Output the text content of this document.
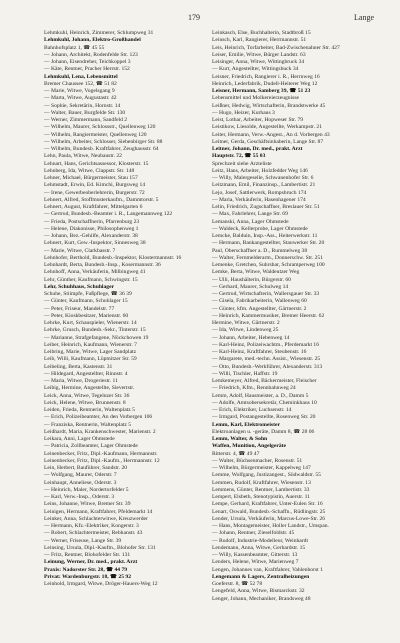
179	Lange
Lehmkuhl, Heinrich, Zimmerer, Schlumpweg 31
Lehmkuhl, Johann, Elektro-Großhandel
Bahnhofsplatz 1, ☎ 45 55
— Johann, Architekt, Rodenfelde Str. 123
— Johann, Eisendreher, Teichkoppel 3
— Käte, Rentner, Pracher Herrstr. 152
Lehmkuhl, Lena, Lebensmittel
Bremer Chaussee 152, ☎ 51 82
— Marie, Witwe, Vogelsgang 9
— Marta, Witwe, Augustastr. 42
— Sophie, Sekretärin, Hornstr. 14
— Walter, Bauer, Burgfelde Str. 130
— Werner, Zimmermann, Sandfeld 2
— Wilhelm, Maurer, Schlossstr., Quellenweg 120
— Wilhelm, Rangiermeister, Quellenweg 120
— Wilhelm, Arbeiter, Schlosser, Siebenbirger Str. 88
— Wilhelm, Bundesb. Kraftfahrer, Zeughausstr. 64
Lehn, Paula, Witwe, Neubaustr. 22
Lehnart, Hans, Gerichtsassessor, Klosterstr. 15
Lehnberg, Ida, Witwe, Clappstr. Str. 148
Lehner, Michael, Bürgermeister, Stau 157
Lehmstadt, Erwin, Ed. Kimchi, Burgsweg 14
— Irene, Gewerbeoberlehrerin, Burgerstr. 72
Lehnert, Alfred, Stoffmusterkaufm., Dammtorstr. 5
Lehnert, August, Kraftfahrer, Mittelgarten 6
— Gertrud, Bundesb.-Beamter i. R., Langemannweg 122
— Frieda, Postschaffnerin, Pfarrenburg 23
— Helene, Diakonisse, Philosophenweg 1
— Johann, Bez.-Gehilfe, Alexanderstr. 38
Lehnert, Kurt, Gew.-Inspektor, Sinnesweg 38
— Marie, Witwe, Clarkbasstr. 7
Lehnhofer, Berthold, Bundesb.-Inspektor, Klostermannstr. 16
Lehnhardt, Berta, Bundesb.-Insp., Kosermannstr. 36
Lehnhoff, Anna, Verkäuferin, Milbingweg 41
Lehr, Günther, Kaufmann, Schwingstr. 15
Lehr, Schuhhaus, Schuhlager
Schuhe, Stiimpfe, Fußpflege, ☎ 36 39
— Günter, Kaufmann, Schuhlager 15
— Peter, Friseur, Mandelstr. 77
— Peter, Kioskbesitzer, Marienstr. 60
Lehrke, Kurt, Schauspieler, Wienerstr. 14
Lehrke, Grusch, Bundesb.-Sekr., Tinterstr. 15
— Marianne, Strafgefangene, Nöckchowen 19
Leiber, Heinrich, Kaufmann, Wienerstr. 7
Leibring, Marie, Witwe, Lager Sandplatz
Leib, Willi, Kaufmann, Lüpmitzer Str. 59
Leibeling, Berta, Kastenstr. 31
— Hildegard, Angestellter, Rinnstr. 4
— Maria, Witwe, Drogeriestr. 11
Leibig, Hermine, Angestellte, Sievertstr.
Leick, Anna, Witwe, Tegelnzer Str. 36
Leick, Helene, Witwe, Brunnenstr. 8
Leiden, Frieda, Rentnerin, Waltenplatz 5
— Erich, Polizeibeamter, An den Vorbergen 106
— Franziska, Rentnerin, Waltenplatz 5
Leidhardt, Maria, Krankenschwester, Marienstr. 2
Leikara, Anni, Lager Ohmstede
— Patricia, Zollbeamter, Lager Ohmstede
Leinenbecker, Fritz, Dipl.-Kaufmann, Hermannstr.
Leinenbecker, Fritz, Dipl.-Kaufm., Herrmannstr. 12
Lein, Herbert, Bauführer, Sandstr. 20
— Wolfgang, Maurer, Oderstr. 7
Leinhaupt, Anneliese, Oderstr. 3
— Heinrich, Maler, Nordertorfelder 5
— Karl, Verw.-Insp., Oderstr. 3
Leins, Johanne, Witwe, Bremer Str. 39
Leinigen, Hermann, Kraftfahrer, Pfeldemarkt 14
Leinker, Anna, Schlachterwitwe, Kreuzwerder
— Hermann, Kfz.-Elektriker, Kongerstr. 3
— Robert, Schlachtermeister, Rebhanstr. 43
— Werner, Friseuse, Lange Str. 39
Leinsing, Ursula, Dipl.-Kaufm., Blohofer Str. 131
— Fritz, Rentner, Blohofelder Str. 131
Leinung, Werner, Dr. med., prakt. Arzt
Praxis: Nadorster Str. 28, ☎ 44 79
Privat: Wardenburgstr. 18, ☎ 25 92
Leinhold, Irmgard, Witwe, Dröger-Hauers-Weg 12
Leinkasch, Else, Buchhalterin, Stadtbroß 15
Leinsch, Karl, Rangierer, Herrmannstr. 51
Leis, Heinrich, Torfarbeiter, Bad-Zwischenahner Str. 427
Leiser, Emilie, Witwe, Bürger Landstr. 63
Leisinger, Anna, Witwe, Wittingbruck 34
— Kurt, Angestellter, Wittingsbuck 34
Leisner, Friedrich, Rangierer i. R., Herrnweg 16
Heinrich, Lederfabrik, Dudell-Heiterer Weg 12
Leisner, Hermann, Samberg 39, ☎ 51 23
Lebensmittel und Molkereierzeugnisse
Leißner, Hedwig, Wirtschafterin, Brandstwerke 45
— Hugo, Heizer, Kurhaus 3
Leist, Lothar, Arbeiter, Hopweser Str. 79
Leistikow, Liesolde, Angestellte, Werkampstr. 21
Leiter, Hermann, Verw.-Angest., An d. Vorbergen 43
Leitner, Gerda, Geschäftsinhaberin, Lange Str. 87
Leitner, Johann, Dr. med., prakt. Arzt
Hauptstr. 72, ☎ 55 03
Sprechzeit siehe Ärzteliste
Leitz, Hans, Arbeiter, Holzfedder Weg 146
— Willy, Malergeselle, Schwanenhofer Str. 6
Leitzmann, Emil, Finanzinsp., Lambertistr. 21
Lejo, Josef, Sattlerwerk, Rompsbruch 174
— Maria, Verkäuferin, Hasenhagener 174
Lelin, Friedrich, Zugschaffner, Breslauer Str. 51
— Max, Fahrlehrer, Lange Str. 69
Lemanski, Anna, Lager Ohmstede
— Waldeck, Kellerprobe, Lager Ohmstede
Lemcke, Balduin, Insp.-Ass., Heiterwerkstr. 11
— Hermann, Bankangestellter, Stauwerker Str. 20
Paul, Oberschaffner a. D., Rummelweg 38
— Walter, Fernmelderarm., Donnerschw. Str. 251
Lemenke, Gretchen, Suhrsbar, Schramperweg 100
Lemke, Berta, Witwe, Waldeutzer Weg
— Ulli, Haushälterin, Bürgerstr. 60
— Gerhard, Maurer, Schulweg 14
— Gertrud, Wirtschafterin, Wallersgauer Str. 33
— Gisela, Fabrikarbeiterin, Wallenweg 60
— Günter, kfm. Angestellter, Gärtnerstr. 2
— Heinrich, Kammermusiker, Bremer Heerstr. 62
Hermine, Witwe, Gärtnerstr. 2
— Ida, Witwe, Lindenweg 25
— Johann, Arbeiter, Hebenweg 14
— Karl-Heinz, Polizeiwachtm., Pferdemarkt 16
— Karl-Heinz, Kraftfahrer, Steubenstr. 16
— Margarete, med.-techn. Assist., Wiesenstr. 25
— Otto, Bundesb.-Werkführer, Alexanderstr. 313
— Willi, Tischler, Haffstr. 19
Lemkemeyer, Alfred, Bäckermeister, Fleischer
— Friedrich, Kfm., Rennbahnweg 24
Lemm, Adolf, Hausmeister, a. D., Damm 5
— Adolfe, Amtsobersekretär, Cheminkhaus 10
— Erich, Elektriker, Luchsenstr. 14
— Irmgard, Postangestellte, Rosenweg Str. 20
Lemm, Karl, Elektromeister
Elektroanlagen u. -geräte, Damm 8, ☎ 28 06
Lemm, Walter, & Sohn
Waffen, Munition, Angelgeräte
Ritterstr. 4, ☎ 49 47
— Walter, Büchsenmacher, Rosenstr. 51
— Wilhelm, Bürgermeister, Kappelweg 147
Lemme, Wolfgang, Justizangest., Südwaldstr. 55
Lemmen, Rudolf, Kraftfahrer, Wiesenstr. 13
Lemmens, Günter, Rentner, Lambertistr. 33
Lempert, Elsbeth, Stenotypistin, Auerstr. 11
Lempe, Gerhard, Kraftfahrer, Unter-Eulen Str. 16
Lenart, Oswald, Bundesb.-Schaffn., Rüdlingstr. 25
Lender, Ursula, Verkäuferin, Marcus-Lowe-Str. 26
— Hans, Montagemeister, Holler Landstr., Umspan.
— Johann, Rentner, Zieselfoldstr. 45
— Rudolf, Industrie-Modelleur, Weinhardt
Lendemann, Anna, Witwe, Gerhardstr. 15
— Willy, Kassenbeamter, Gitterstr. 13
Lenders, Helene, Witwe, Marienweg 7
Lengen, Johannes van, Kraftfahrer, Vahlenhorst 1
Lengemann & Lagers, Zentralheizungen
Goeferstr. 8, ☎ 52 78
Lengefeld, Anna, Witwe, Bismarckstr. 32
Lenger, Johann, Mechaniker, Brandsweg 48
